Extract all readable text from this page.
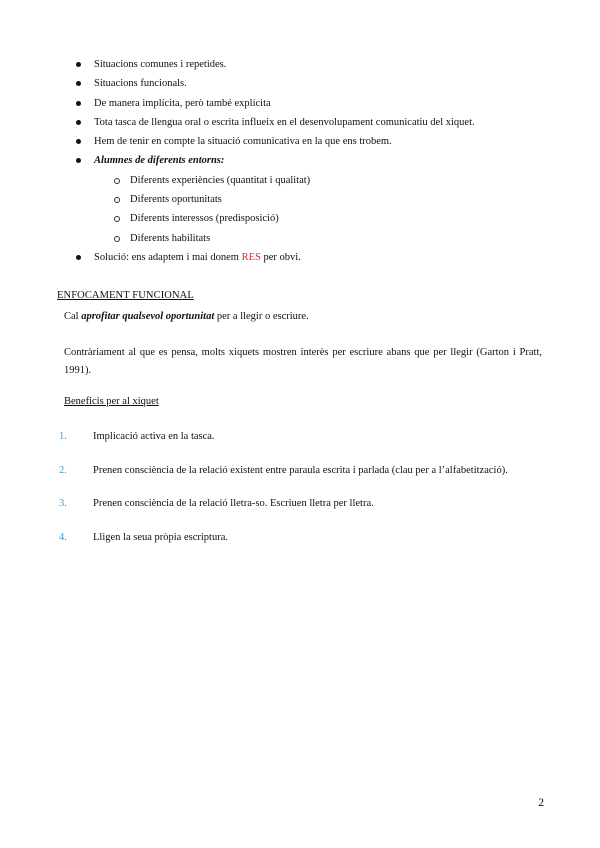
Situacions comunes i repetides.
Situacions funcionals.
De manera implícita, però també explícita
Tota tasca de llengua oral o escrita influeix en el desenvolupament comunicatiu del xiquet.
Hem de tenir en compte la situació comunicativa en la que ens trobem.
Alumnes de diferents entorns:
Diferents experiències (quantitat i qualitat)
Diferents oportunitats
Diferents interessos (predisposició)
Diferents habilitats
Solució: ens adaptem i mai donem RES per obvi.
ENFOCAMENT FUNCIONAL
Cal aprofitar qualsevol oportunitat per a llegir o escriure.
Contràriament al que es pensa, molts xiquets mostren interès per escriure abans que per llegir (Garton i Pratt, 1991).
Beneficis per al xiquet
1. Implicació activa en la tasca.
2. Prenen consciència de la relació existent entre paraula escrita i parlada (clau per a l’alfabetització).
3. Prenen consciència de la relació lletra-so. Escriuen lletra per lletra.
4. Lligen la seua pròpia escriptura.
2
